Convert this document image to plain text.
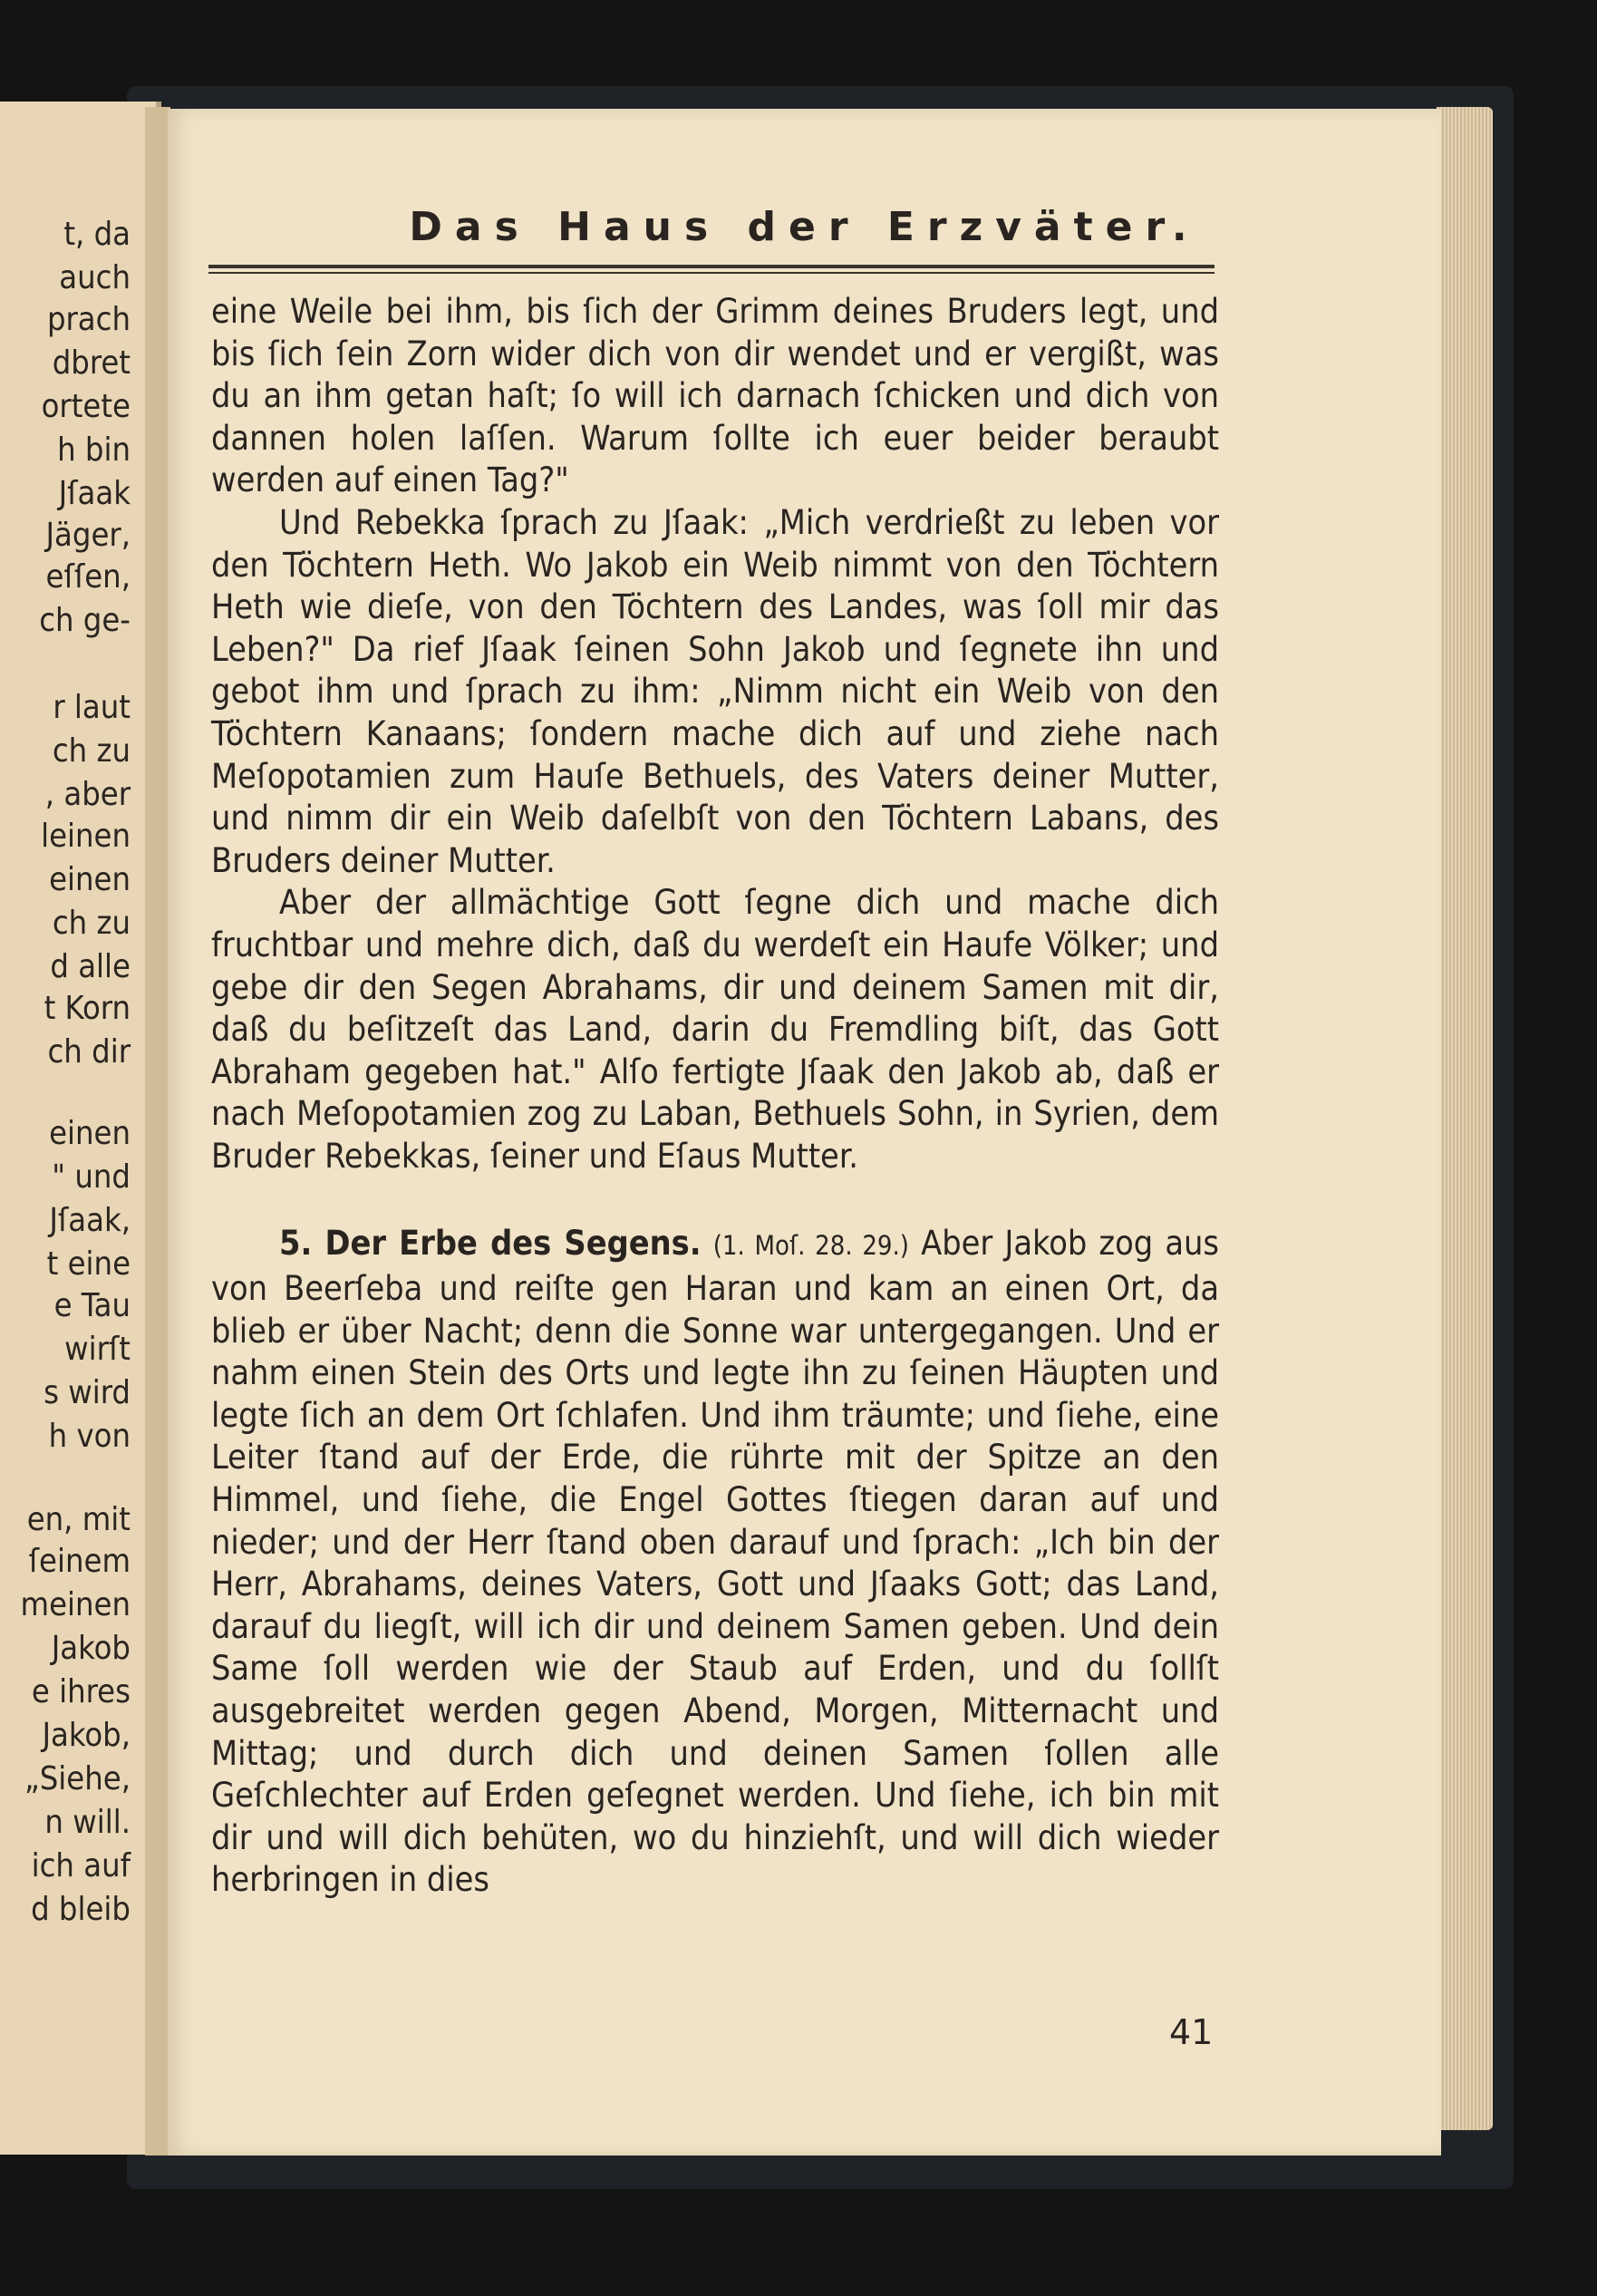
t, da
auch
prach
dbret
ortete
h bin
Jſaak
Jäger,
eſſen,
ch ge-
r laut
ch zu
, aber
leinen
einen
ch zu
d alle
t Korn
ch dir
einen
" und
Jſaak,
t eine
e Tau
wirſt
s wird
h von
en, mit
ſeinem
meinen
Jakob
e ihres
Jakob,
„Siehe,
n will.
ich auf
d bleib
Das Haus der Erzväter.

eine Weile bei ihm, bis ſich der Grimm deines Bruders legt, und bis ſich ſein Zorn wider dich von dir wendet und er vergißt, was du an ihm getan haſt; ſo will ich darnach ſchicken und dich von dannen holen laſſen. Warum ſollte ich euer beider beraubt werden auf einen Tag?"

Und Rebekka ſprach zu Jſaak: „Mich verdrießt zu leben vor den Töchtern Heth. Wo Jakob ein Weib nimmt von den Töchtern Heth wie dieſe, von den Töchtern des Landes, was ſoll mir das Leben?" Da rief Jſaak ſeinen Sohn Jakob und ſegnete ihn und gebot ihm und ſprach zu ihm: „Nimm nicht ein Weib von den Töchtern Kanaans; ſondern mache dich auf und ziehe nach Meſopotamien zum Hauſe Bethuels, des Vaters deiner Mutter, und nimm dir ein Weib daſelbſt von den Töchtern Labans, des Bruders deiner Mutter.

Aber der allmächtige Gott ſegne dich und mache dich fruchtbar und mehre dich, daß du werdeſt ein Haufe Völker; und gebe dir den Segen Abrahams, dir und deinem Samen mit dir, daß du beſitzeſt das Land, darin du Fremdling biſt, das Gott Abraham gegeben hat." Alſo fertigte Jſaak den Jakob ab, daß er nach Meſopotamien zog zu Laban, Bethuels Sohn, in Syrien, dem Bruder Rebekkas, ſeiner und Eſaus Mutter.

5. Der Erbe des Segens. (1. Moſ. 28. 29.) Aber Jakob zog aus von Beerſeba und reiſte gen Haran und kam an einen Ort, da blieb er über Nacht; denn die Sonne war untergegangen. Und er nahm einen Stein des Orts und legte ihn zu ſeinen Häupten und legte ſich an dem Ort ſchlafen. Und ihm träumte; und ſiehe, eine Leiter ſtand auf der Erde, die rührte mit der Spitze an den Himmel, und ſiehe, die Engel Gottes ſtiegen daran auf und nieder; und der Herr ſtand oben darauf und ſprach: „Ich bin der Herr, Abrahams, deines Vaters, Gott und Jſaaks Gott; das Land, darauf du liegſt, will ich dir und deinem Samen geben. Und dein Same ſoll werden wie der Staub auf Erden, und du ſollſt ausgebreitet werden gegen Abend, Morgen, Mitternacht und Mittag; und durch dich und deinen Samen ſollen alle Geſchlechter auf Erden geſegnet werden. Und ſiehe, ich bin mit dir und will dich behüten, wo du hinziehſt, und will dich wieder herbringen in dies

41
